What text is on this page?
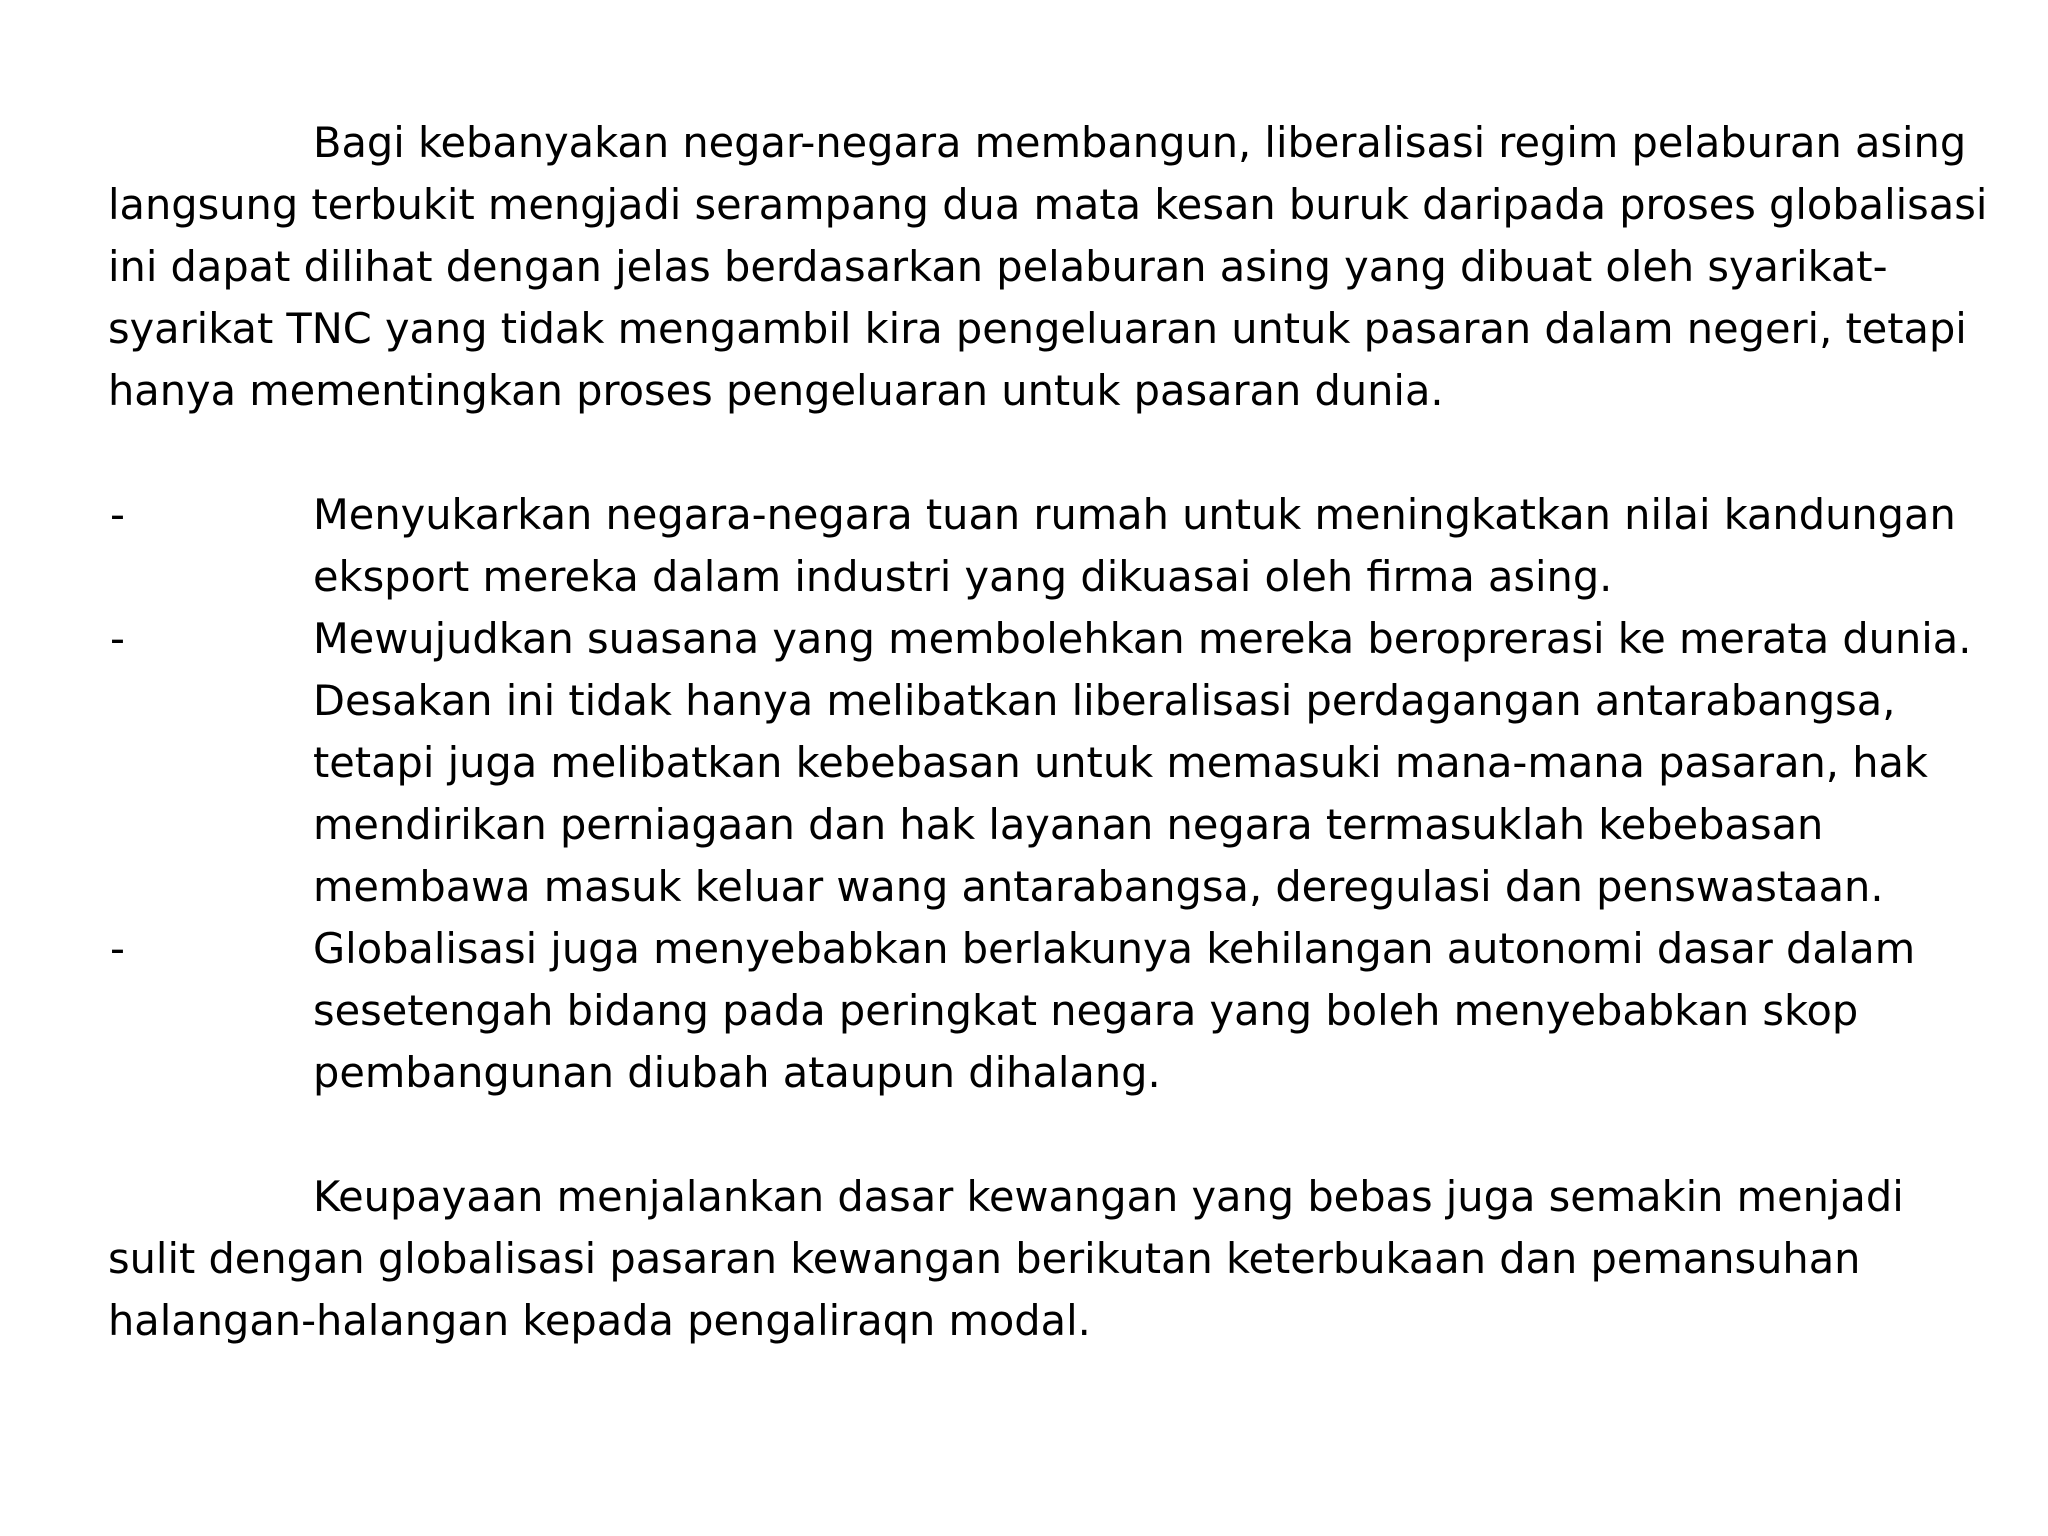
Bagi kebanyakan negar-negara membangun, liberalisasi regim pelaburan asing langsung terbukit mengjadi serampang dua mata kesan buruk daripada proses globalisasi ini dapat dilihat dengan jelas berdasarkan pelaburan asing yang dibuat oleh syarikat-syarikat TNC yang tidak mengambil kira pengeluaran untuk pasaran dalam negeri, tetapi hanya mementingkan proses pengeluaran untuk pasaran dunia.

-	Menyukarkan negara-negara tuan rumah untuk meningkatkan nilai kandungan eksport mereka dalam industri yang dikuasai oleh firma asing.
-	Mewujudkan suasana yang membolehkan mereka beroprerasi ke merata dunia. Desakan ini tidak hanya melibatkan liberalisasi perdagangan antarabangsa, tetapi juga melibatkan kebebasan untuk memasuki mana-mana pasaran, hak mendirikan perniagaan dan hak layanan negara termasuklah kebebasan membawa masuk keluar wang antarabangsa, deregulasi dan penswastaan.
-	Globalisasi juga menyebabkan berlakunya kehilangan autonomi dasar dalam sesetengah bidang pada peringkat negara yang boleh menyebabkan skop pembangunan diubah ataupun dihalang.

Keupayaan menjalankan dasar kewangan yang bebas juga semakin menjadi sulit dengan globalisasi pasaran kewangan berikutan keterbukaan dan pemansuhan halangan-halangan kepada pengaliraqn modal.
